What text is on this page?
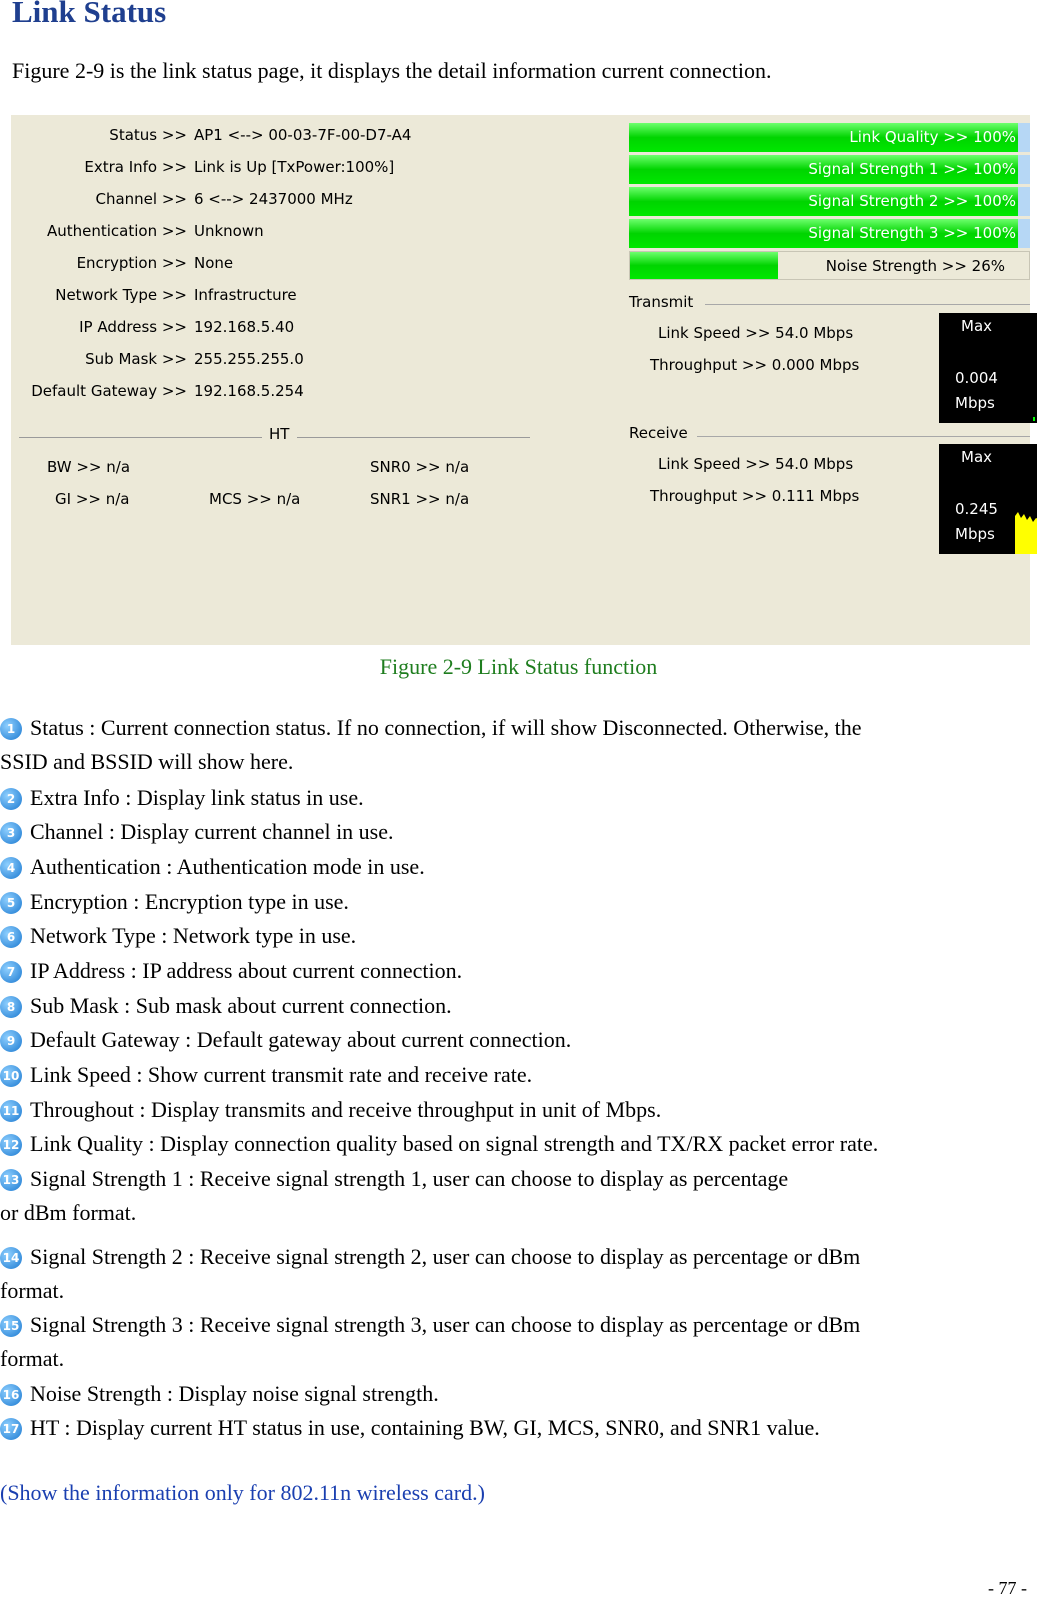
Link Status
Figure 2-9 is the link status page, it displays the detail information current connection.
Status >> AP1 <--> 00-03-7F-00-D7-A4
Extra Info >> Link is Up [TxPower:100%]
Channel >> 6 <--> 2437000 MHz
Authentication >> Unknown
Encryption >> None
Network Type >> Infrastructure
IP Address >> 192.168.5.40
Sub Mask >> 255.255.255.0
Default Gateway >> 192.168.5.254
HT
BW >> n/a
GI >> n/a	MCS >> n/a
SNR0 >> n/a
SNR1 >> n/a
Link Quality >> 100%
Signal Strength 1 >> 100%
Signal Strength 2 >> 100%
Signal Strength 3 >> 100%
Noise Strength >> 26%
Transmit
Link Speed >> 54.0 Mbps
Throughput >> 0.000 Mbps
Max
0.004
Mbps
Receive
Link Speed >> 54.0 Mbps
Throughput >> 0.111 Mbps
Max
0.245
Mbps
Figure 2-9 Link Status function
1 Status : Current connection status. If no connection, if will show Disconnected. Otherwise, the
SSID and BSSID will show here.
2 Extra Info : Display link status in use.
3 Channel : Display current channel in use.
4 Authentication : Authentication mode in use.
5 Encryption : Encryption type in use.
6 Network Type : Network type in use.
7 IP Address : IP address about current connection.
8 Sub Mask : Sub mask about current connection.
9 Default Gateway : Default gateway about current connection.
10 Link Speed : Show current transmit rate and receive rate.
11 Throughout : Display transmits and receive throughput in unit of Mbps.
12 Link Quality : Display connection quality based on signal strength and TX/RX packet error rate.
13 Signal Strength 1 : Receive signal strength 1, user can choose to display as percentage
or dBm format.
14 Signal Strength 2 : Receive signal strength 2, user can choose to display as percentage or dBm
format.
15 Signal Strength 3 : Receive signal strength 3, user can choose to display as percentage or dBm
format.
16 Noise Strength : Display noise signal strength.
17 HT : Display current HT status in use, containing BW, GI, MCS, SNR0, and SNR1 value.
(Show the information only for 802.11n wireless card.)
- 77 -
